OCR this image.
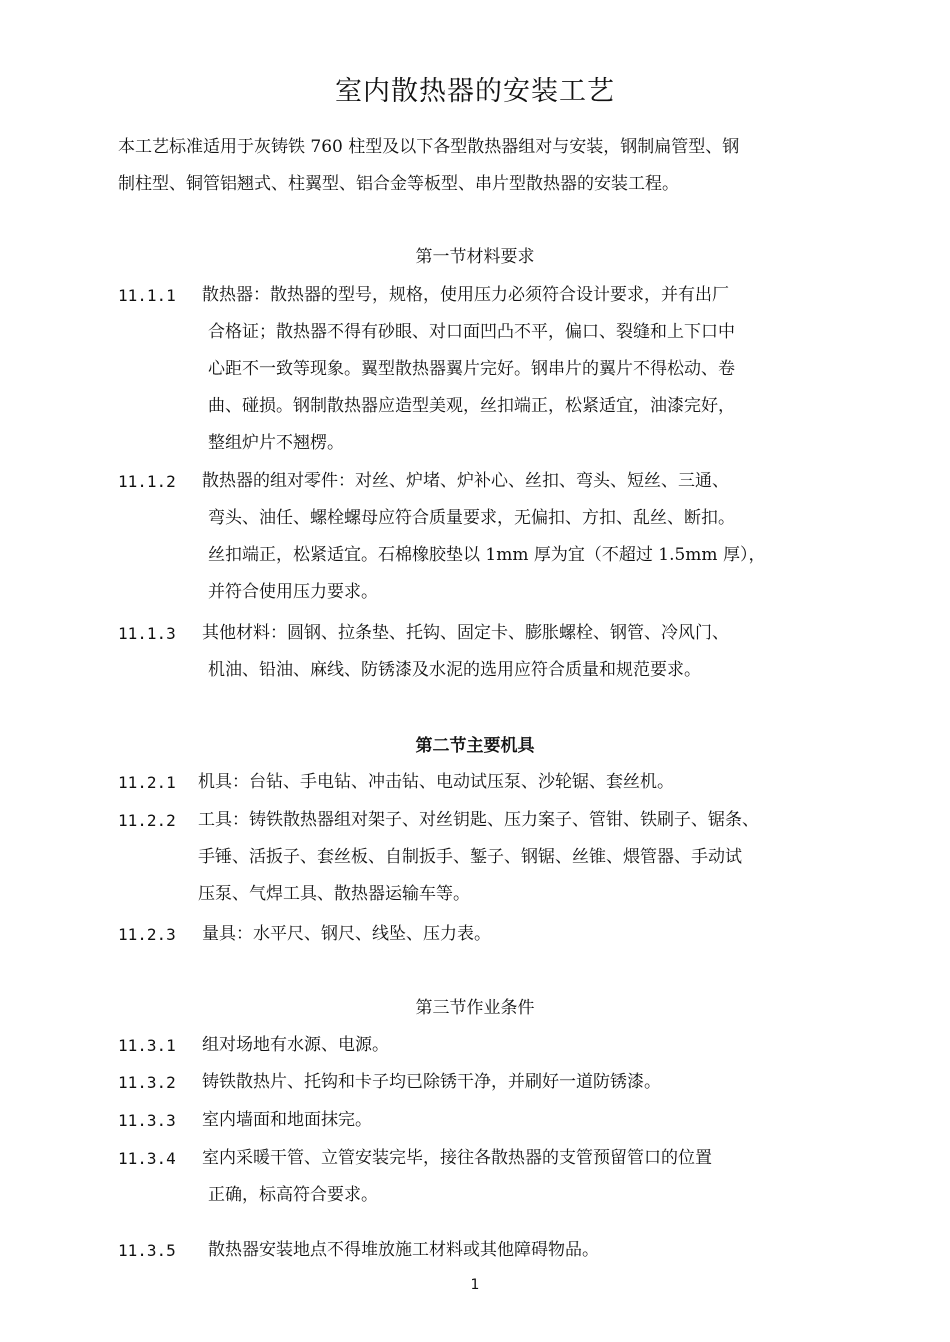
室内散热器的安装工艺
本工艺标准适用于灰铸铁 760 柱型及以下各型散热器组对与安装，钢制扁管型、钢
制柱型、铜管铝翘式、柱翼型、铝合金等板型、串片型散热器的安装工程。
第一节材料要求
11.1.1 散热器：散热器的型号，规格，使用压力必须符合设计要求，并有出厂
合格证；散热器不得有砂眼、对口面凹凸不平，偏口、裂缝和上下口中
心距不一致等现象。翼型散热器翼片完好。钢串片的翼片不得松动、卷
曲、碰损。钢制散热器应造型美观，丝扣端正，松紧适宜，油漆完好，
整组炉片不翘楞。
11.1.2 散热器的组对零件：对丝、炉堵、炉补心、丝扣、弯头、短丝、三通、
弯头、油任、螺栓螺母应符合质量要求，无偏扣、方扣、乱丝、断扣。
丝扣端正，松紧适宜。石棉橡胶垫以 1mm 厚为宜（不超过 1.5mm 厚），
并符合使用压力要求。
11.1.3 其他材料：圆钢、拉条垫、托钩、固定卡、膨胀螺栓、钢管、冷风门、
机油、铅油、麻线、防锈漆及水泥的选用应符合质量和规范要求。
第二节主要机具
11.2.1 机具：台钻、手电钻、冲击钻、电动试压泵、沙轮锯、套丝机。
11.2.2 工具：铸铁散热器组对架子、对丝钥匙、压力案子、管钳、铁刷子、锯条、
手锤、活扳子、套丝板、自制扳手、錾子、钢锯、丝锥、煨管器、手动试
压泵、气焊工具、散热器运输车等。
11.2.3 量具：水平尺、钢尺、线坠、压力表。
第三节作业条件
11.3.1 组对场地有水源、电源。
11.3.2 铸铁散热片、托钩和卡子均已除锈干净，并刷好一道防锈漆。
11.3.3 室内墙面和地面抹完。
11.3.4 室内采暖干管、立管安装完毕，接往各散热器的支管预留管口的位置
正确，标高符合要求。
11.3.5 散热器安装地点不得堆放施工材料或其他障碍物品。
1
